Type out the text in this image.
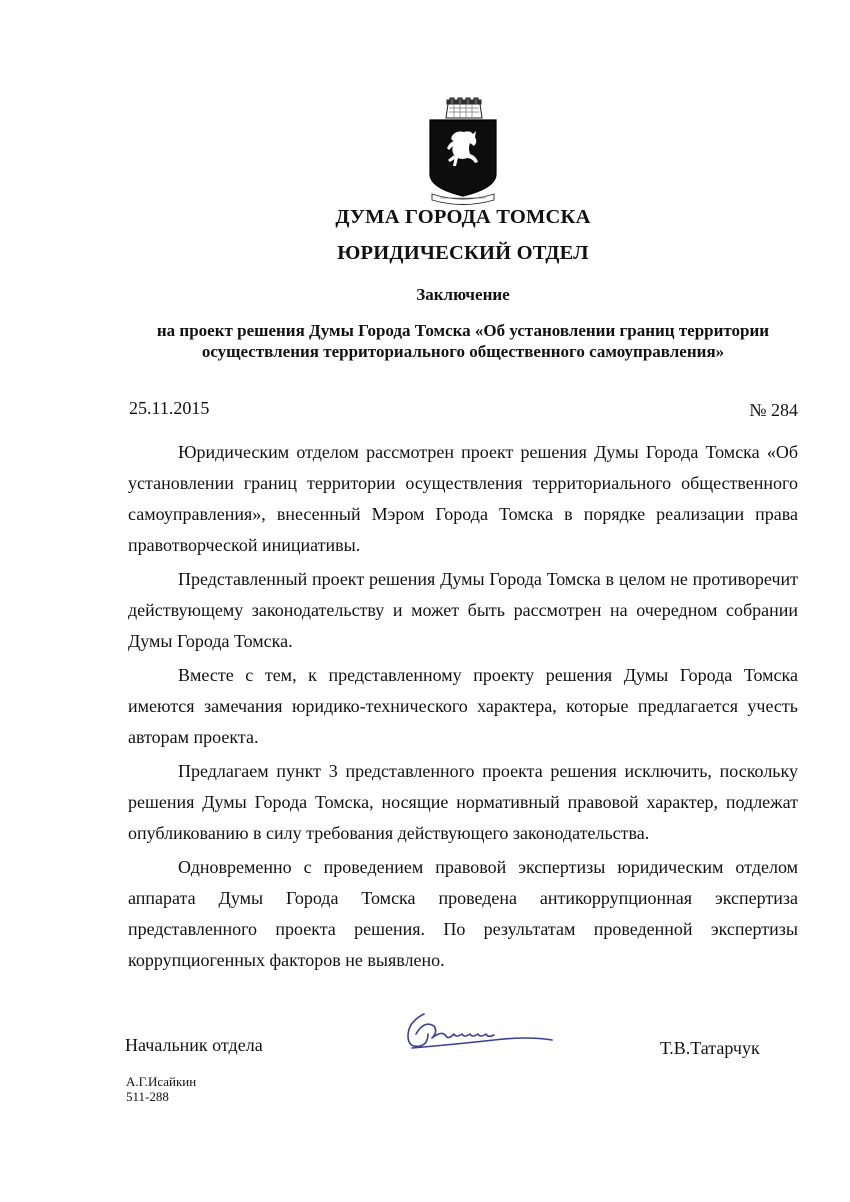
ДУМА ГОРОДА ТОМСКА
ЮРИДИЧЕСКИЙ ОТДЕЛ
Заключение
на проект решения Думы Города Томска «Об установлении границ территории осуществления территориального общественного самоуправления»
25.11.2015	№ 284

Юридическим отделом рассмотрен проект решения Думы Города Томска «Об установлении границ территории осуществления территориального общественного самоуправления», внесенный Мэром Города Томска в порядке реализации права правотворческой инициативы.

Представленный проект решения Думы Города Томска в целом не противоречит действующему законодательству и может быть рассмотрен на очередном собрании Думы Города Томска.

Вместе с тем, к представленному проекту решения Думы Города Томска имеются замечания юридико-технического характера, которые предлагается учесть авторам проекта.

Предлагаем пункт 3 представленного проекта решения исключить, поскольку решения Думы Города Томска, носящие нормативный правовой характер, подлежат опубликованию в силу требования действующего законодательства.

Одновременно с проведением правовой экспертизы юридическим отделом аппарата Думы Города Томска проведена антикоррупционная экспертиза представленного проекта решения. По результатам проведенной экспертизы коррупциогенных факторов не выявлено.

Начальник отдела	Т.В.Татарчук
А.Г.Исайкин
511-288
